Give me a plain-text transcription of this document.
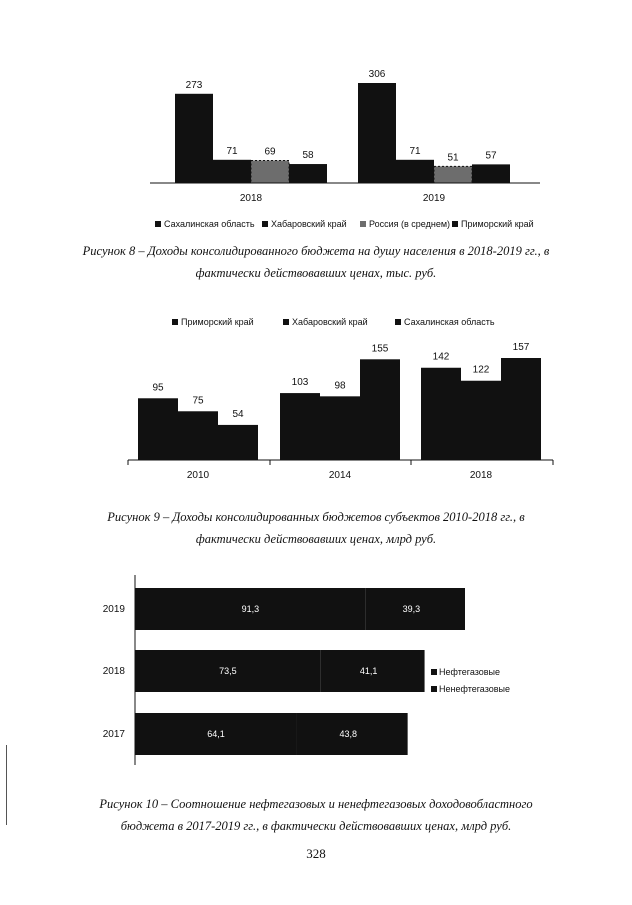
273
71	69	58
2018
306
71
51	57
2019
Сахалинская область Хабаровский край Россия (в среднем) Приморский край
Рисунок 8 – Доходы консолидированного бюджета на душу населения в 2018-2019 гг., в
фактически действовавших ценах, тыс. руб.
Приморский край	Хабаровский край	Сахалинская область
95
75
54
2010
103	98
155
2014
142
122
157
2018
Рисунок 9 – Доходы консолидированных бюджетов субъектов 2010-2018 гг., в
фактически действовавших ценах, млрд руб.
91,3	39,3
2019
73,5	41,1
2018
64,1	43,8
2017
Нефтегазовые
Ненефтегазовые
Рисунок 10 – Соотношение нефтегазовых и ненефтегазовых доходовобластного
бюджета в 2017-2019 гг., в фактически действовавших ценах, млрд руб.
328
